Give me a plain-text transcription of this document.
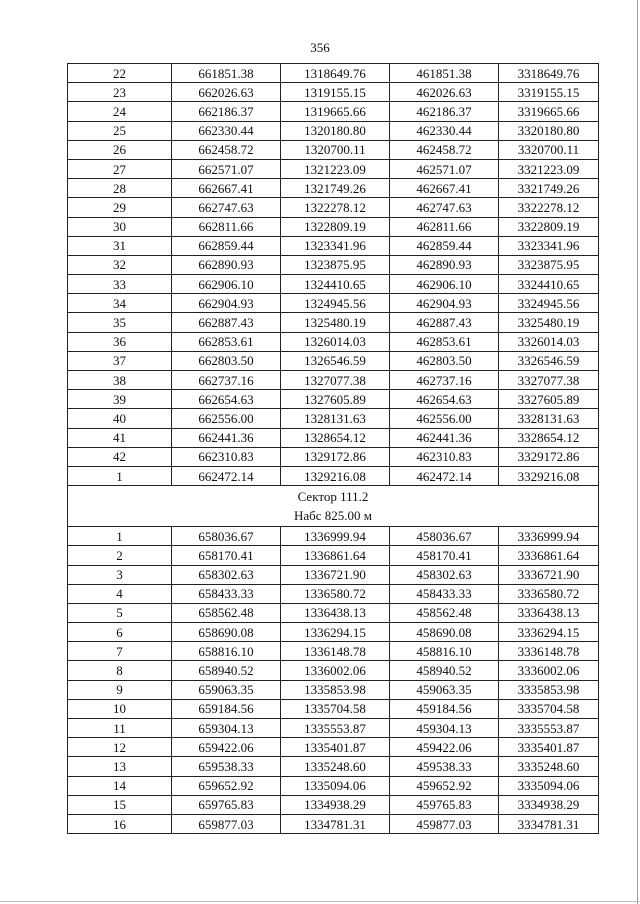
356
22	661851.38	1318649.76	461851.38	3318649.76
23	662026.63	1319155.15	462026.63	3319155.15
24	662186.37	1319665.66	462186.37	3319665.66
25	662330.44	1320180.80	462330.44	3320180.80
26	662458.72	1320700.11	462458.72	3320700.11
27	662571.07	1321223.09	462571.07	3321223.09
28	662667.41	1321749.26	462667.41	3321749.26
29	662747.63	1322278.12	462747.63	3322278.12
30	662811.66	1322809.19	462811.66	3322809.19
31	662859.44	1323341.96	462859.44	3323341.96
32	662890.93	1323875.95	462890.93	3323875.95
33	662906.10	1324410.65	462906.10	3324410.65
34	662904.93	1324945.56	462904.93	3324945.56
35	662887.43	1325480.19	462887.43	3325480.19
36	662853.61	1326014.03	462853.61	3326014.03
37	662803.50	1326546.59	462803.50	3326546.59
38	662737.16	1327077.38	462737.16	3327077.38
39	662654.63	1327605.89	462654.63	3327605.89
40	662556.00	1328131.63	462556.00	3328131.63
41	662441.36	1328654.12	462441.36	3328654.12
42	662310.83	1329172.86	462310.83	3329172.86
1	662472.14	1329216.08	462472.14	3329216.08

Сектор 111.2
Набс 825.00 м				

1	658036.67	1336999.94	458036.67	3336999.94
2	658170.41	1336861.64	458170.41	3336861.64
3	658302.63	1336721.90	458302.63	3336721.90
4	658433.33	1336580.72	458433.33	3336580.72
5	658562.48	1336438.13	458562.48	3336438.13
6	658690.08	1336294.15	458690.08	3336294.15
7	658816.10	1336148.78	458816.10	3336148.78
8	658940.52	1336002.06	458940.52	3336002.06
9	659063.35	1335853.98	459063.35	3335853.98
10	659184.56	1335704.58	459184.56	3335704.58
11	659304.13	1335553.87	459304.13	3335553.87
12	659422.06	1335401.87	459422.06	3335401.87
13	659538.33	1335248.60	459538.33	3335248.60
14	659652.92	1335094.06	459652.92	3335094.06
15	659765.83	1334938.29	459765.83	3334938.29
16	659877.03	1334781.31	459877.03	3334781.31
